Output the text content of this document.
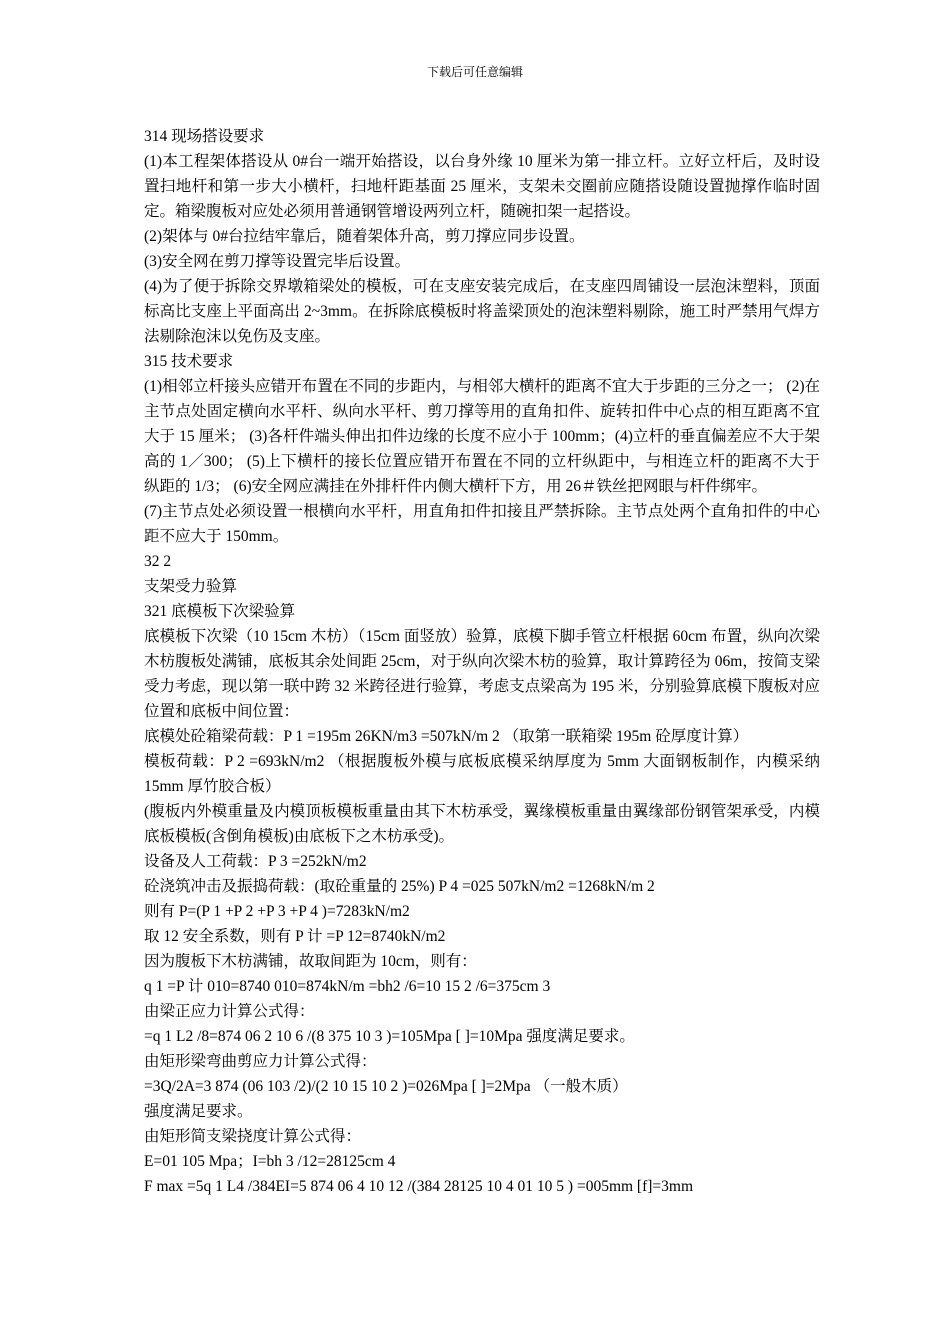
下载后可任意编辑

314 现场搭设要求

(1)本工程架体搭设从 0#台一端开始搭设，以台身外缘 10 厘米为第一排立杆。立好立杆后，及时设置扫地杆和第一步大小横杆，扫地杆距基面 25 厘米，支架未交圈前应随搭设随设置抛撑作临时固定。箱梁腹板对应处必须用普通钢管增设两列立杆，随碗扣架一起搭设。

(2)架体与 0#台拉结牢靠后，随着架体升高，剪刀撑应同步设置。

(3)安全网在剪刀撑等设置完毕后设置。

(4)为了便于拆除交界墩箱梁处的模板，可在支座安装完成后，在支座四周铺设一层泡沫塑料，顶面标高比支座上平面高出 2~3mm。在拆除底模板时将盖梁顶处的泡沫塑料剔除，施工时严禁用气焊方法剔除泡沫以免伤及支座。

315 技术要求

(1)相邻立杆接头应错开布置在不同的步距内，与相邻大横杆的距离不宜大于步距的三分之一； (2)在主节点处固定横向水平杆、纵向水平杆、剪刀撑等用的直角扣件、旋转扣件中心点的相互距离不宜大于 15 厘米； (3)各杆件端头伸出扣件边缘的长度不应小于 100mm；(4)立杆的垂直偏差应不大于架高的 1／300； (5)上下横杆的接长位置应错开布置在不同的立杆纵距中，与相连立杆的距离不大于纵距的 1/3； (6)安全网应满挂在外排杆件内侧大横杆下方，用 26＃铁丝把网眼与杆件绑牢。

(7)主节点处必须设置一根横向水平杆，用直角扣件扣接且严禁拆除。主节点处两个直角扣件的中心距不应大于 150mm。

32 2

支架受力验算

321 底模板下次梁验算

底模板下次梁（10 15cm 木枋）（15cm 面竖放）验算，底模下脚手管立杆根据 60cm 布置，纵向次梁木枋腹板处满铺，底板其余处间距 25cm，对于纵向次梁木枋的验算，取计算跨径为 06m，按简支梁受力考虑，现以第一联中跨 32 米跨径进行验算，考虑支点梁高为 195 米，分别验算底模下腹板对应位置和底板中间位置：

底模处砼箱梁荷载：P 1 =195m 26KN/m3 =507kN/m 2 （取第一联箱梁 195m 砼厚度计算）

模板荷载：P 2 =693kN/m2 （根据腹板外模与底板底模采纳厚度为 5mm 大面钢板制作，内模采纳 15mm 厚竹胶合板）

(腹板内外模重量及内模顶板模板重量由其下木枋承受，翼缘模板重量由翼缘部份钢管架承受，内模底板模板(含倒角模板)由底板下之木枋承受)。

设备及人工荷载：P 3 =252kN/m2

砼浇筑冲击及振捣荷载：(取砼重量的 25%) P 4 =025 507kN/m2 =1268kN/m 2

则有 P=(P 1 +P 2 +P 3 +P 4 )=7283kN/m2

取 12 安全系数，则有 P 计 =P 12=8740kN/m2

因为腹板下木枋满铺，故取间距为 10cm，则有：

q 1 =P 计 010=8740 010=874kN/m =bh2 /6=10 15 2 /6=375cm 3

由梁正应力计算公式得：

=q 1 L2 /8=874 06 2 10 6 /(8 375 10 3 )=105Mpa [ ]=10Mpa 强度满足要求。

由矩形梁弯曲剪应力计算公式得：

=3Q/2A=3 874 (06 103 /2)/(2 10 15 10 2 )=026Mpa [ ]=2Mpa （一般木质）

强度满足要求。

由矩形简支梁挠度计算公式得：

E=01 105 Mpa；I=bh 3 /12=28125cm 4

F max =5q 1 L4 /384EI=5 874 06 4 10 12 /(384 28125 10 4 01 10 5 ) =005mm [f]=3mm
